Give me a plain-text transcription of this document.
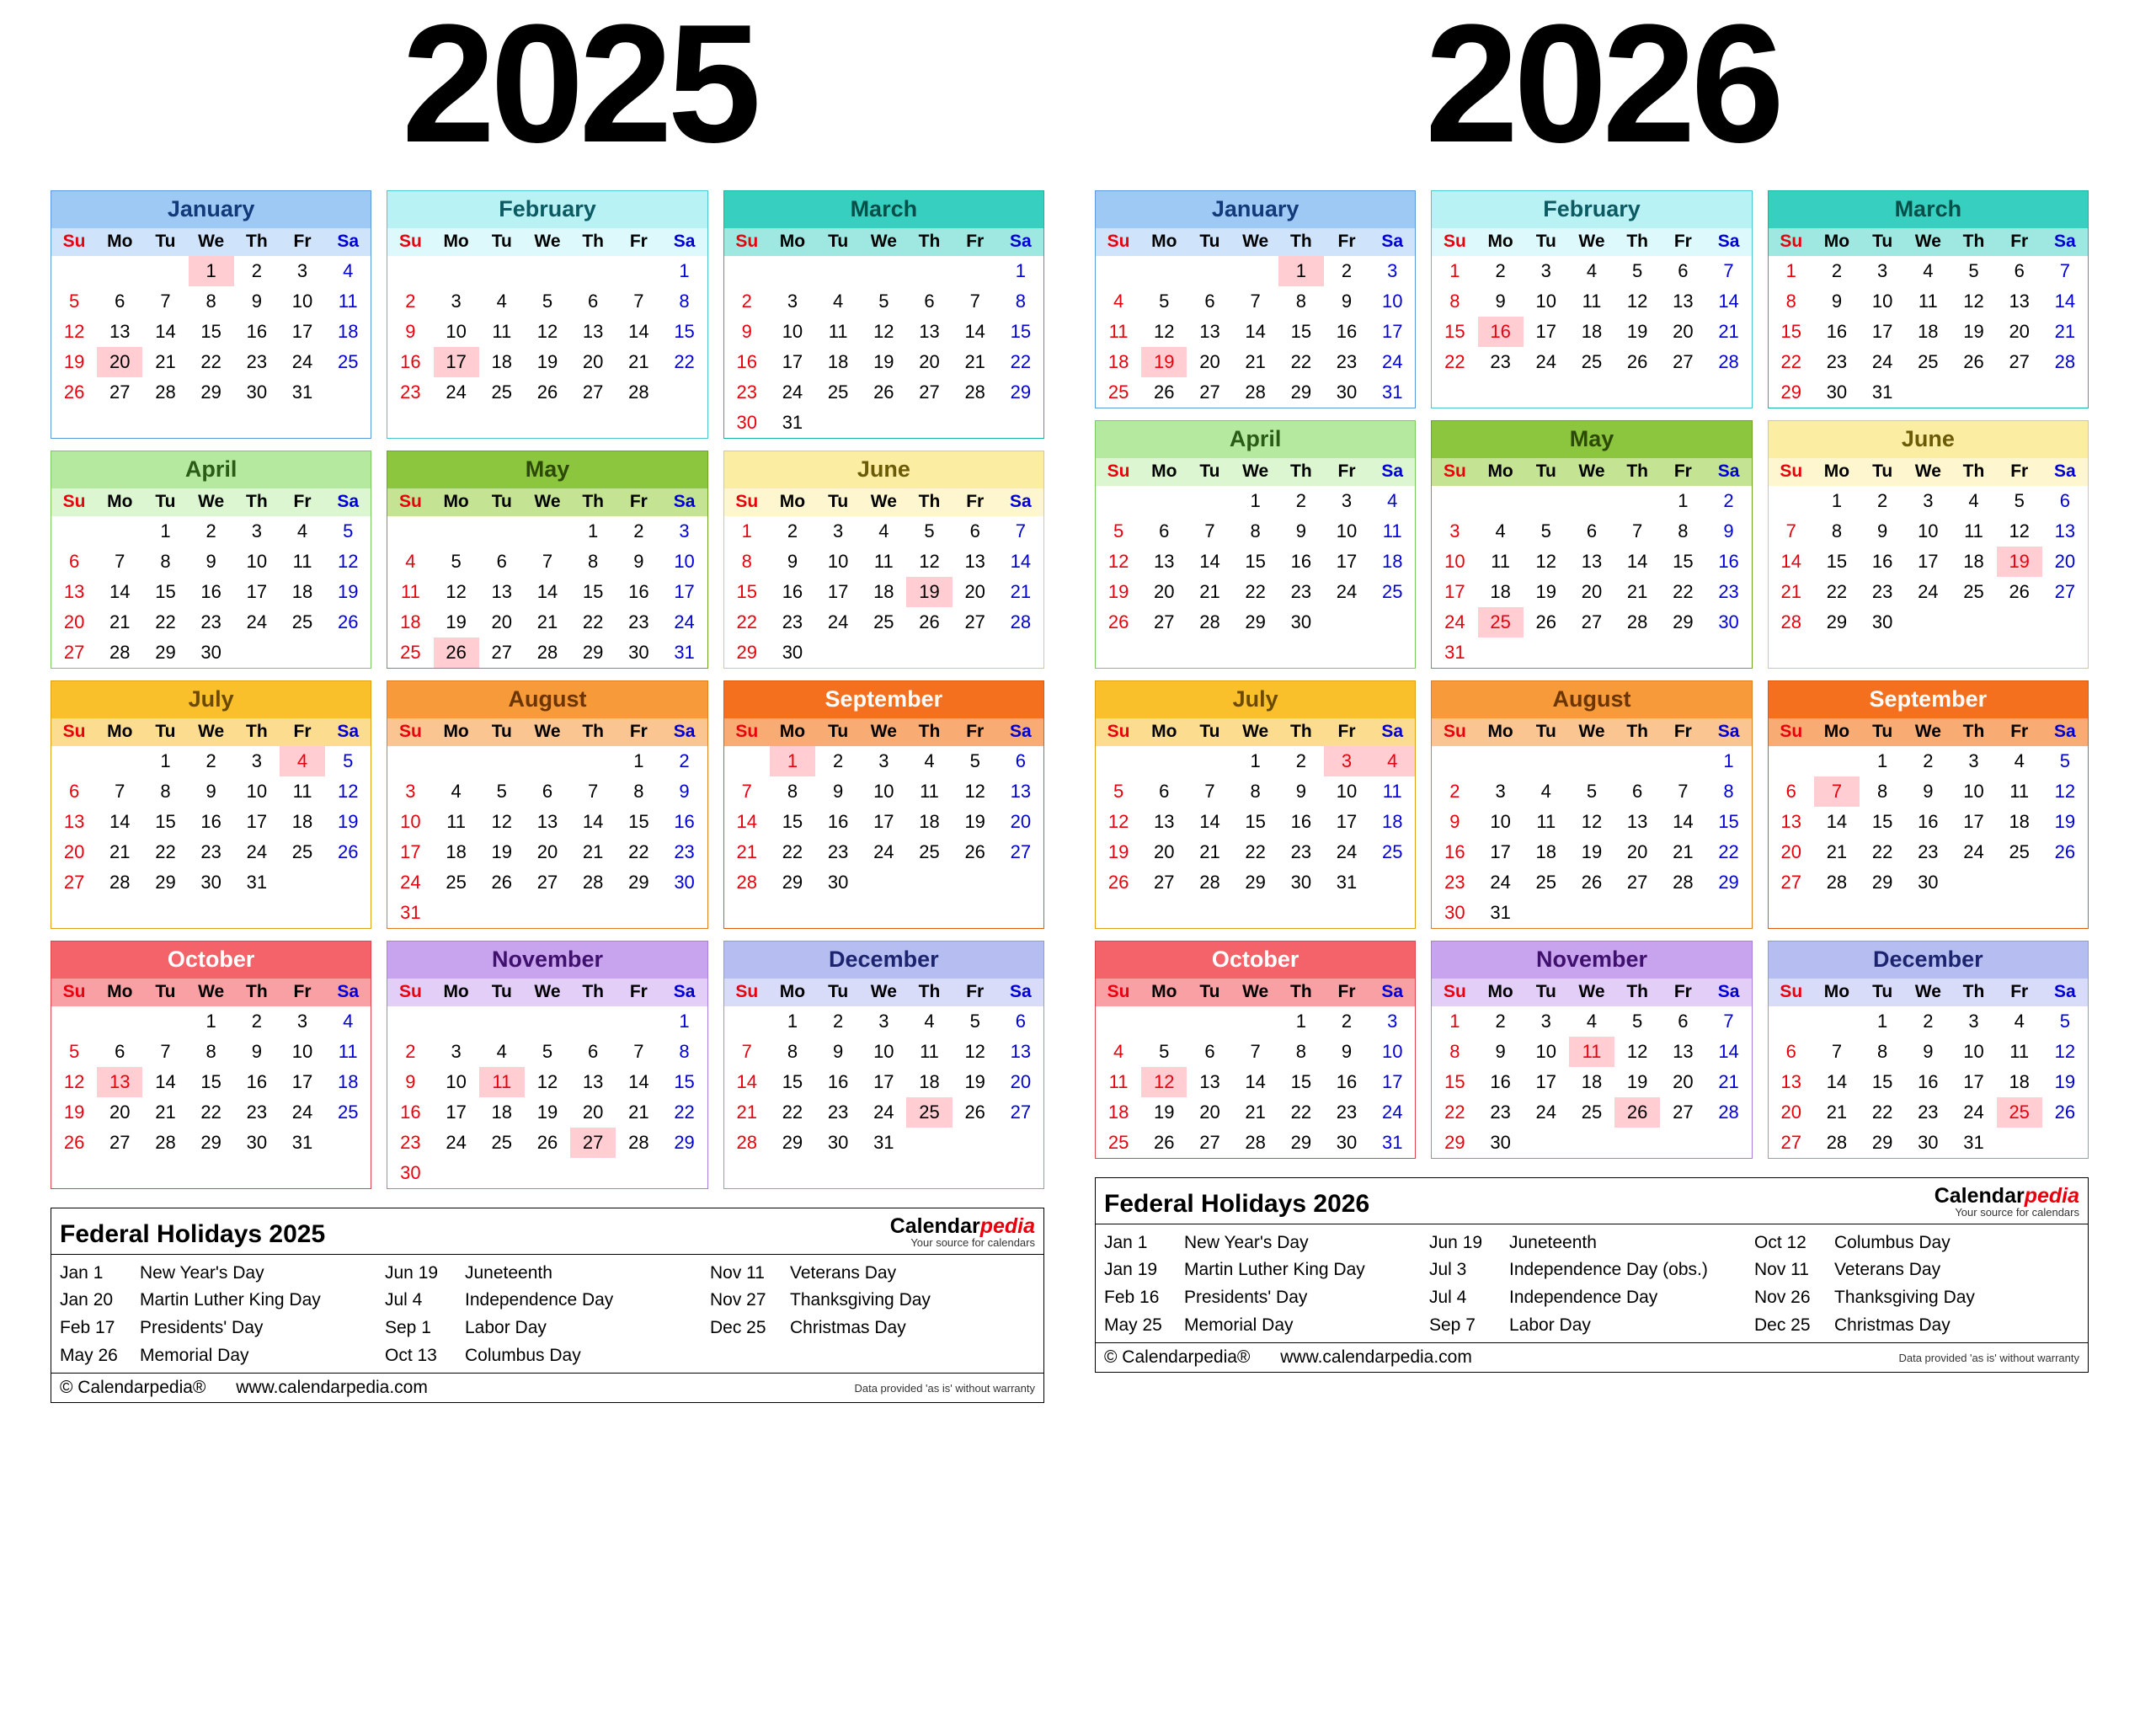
2025	2026
January
Su	Mo	Tu	We	Th	Fr	Sa
			1	2	3	4
5	6	7	8	9	10	11
12	13	14	15	16	17	18
19	20	21	22	23	24	25
26	27	28	29	30	31	
February
Su	Mo	Tu	We	Th	Fr	Sa
						1
2	3	4	5	6	7	8
9	10	11	12	13	14	15
16	17	18	19	20	21	22
23	24	25	26	27	28	
March
Su	Mo	Tu	We	Th	Fr	Sa
						1
2	3	4	5	6	7	8
9	10	11	12	13	14	15
16	17	18	19	20	21	22
23	24	25	26	27	28	29
30	31					
April
Su	Mo	Tu	We	Th	Fr	Sa
		1	2	3	4	5
6	7	8	9	10	11	12
13	14	15	16	17	18	19
20	21	22	23	24	25	26
27	28	29	30			
May
Su	Mo	Tu	We	Th	Fr	Sa
				1	2	3
4	5	6	7	8	9	10
11	12	13	14	15	16	17
18	19	20	21	22	23	24
25	26	27	28	29	30	31
June
Su	Mo	Tu	We	Th	Fr	Sa
1	2	3	4	5	6	7
8	9	10	11	12	13	14
15	16	17	18	19	20	21
22	23	24	25	26	27	28
29	30					
July
Su	Mo	Tu	We	Th	Fr	Sa
		1	2	3	4	5
6	7	8	9	10	11	12
13	14	15	16	17	18	19
20	21	22	23	24	25	26
27	28	29	30	31		
August
Su	Mo	Tu	We	Th	Fr	Sa
					1	2
3	4	5	6	7	8	9
10	11	12	13	14	15	16
17	18	19	20	21	22	23
24	25	26	27	28	29	30
31						
September
Su	Mo	Tu	We	Th	Fr	Sa
	1	2	3	4	5	6
7	8	9	10	11	12	13
14	15	16	17	18	19	20
21	22	23	24	25	26	27
28	29	30				
October
Su	Mo	Tu	We	Th	Fr	Sa
			1	2	3	4
5	6	7	8	9	10	11
12	13	14	15	16	17	18
19	20	21	22	23	24	25
26	27	28	29	30	31	
November
Su	Mo	Tu	We	Th	Fr	Sa
						1
2	3	4	5	6	7	8
9	10	11	12	13	14	15
16	17	18	19	20	21	22
23	24	25	26	27	28	29
30						
December
Su	Mo	Tu	We	Th	Fr	Sa
	1	2	3	4	5	6
7	8	9	10	11	12	13
14	15	16	17	18	19	20
21	22	23	24	25	26	27
28	29	30	31			
Federal Holidays 2025	Calendarpedia
Your source for calendars
Jan 1	New Year's Day
Jan 20	Martin Luther King Day
Feb 17	Presidents' Day
May 26	Memorial Day
Jun 19	Juneteenth
Jul 4	Independence Day
Sep 1	Labor Day
Oct 13	Columbus Day
Nov 11	Veterans Day
Nov 27	Thanksgiving Day
Dec 25	Christmas Day
© Calendarpedia® www.calendarpedia.com	Data provided 'as is' without warranty
January
Su	Mo	Tu	We	Th	Fr	Sa
				1	2	3
4	5	6	7	8	9	10
11	12	13	14	15	16	17
18	19	20	21	22	23	24
25	26	27	28	29	30	31
February
Su	Mo	Tu	We	Th	Fr	Sa
1	2	3	4	5	6	7
8	9	10	11	12	13	14
15	16	17	18	19	20	21
22	23	24	25	26	27	28

March
Su	Mo	Tu	We	Th	Fr	Sa
1	2	3	4	5	6	7
8	9	10	11	12	13	14
15	16	17	18	19	20	21
22	23	24	25	26	27	28
29	30	31				
April
Su	Mo	Tu	We	Th	Fr	Sa
			1	2	3	4
5	6	7	8	9	10	11
12	13	14	15	16	17	18
19	20	21	22	23	24	25
26	27	28	29	30		
May
Su	Mo	Tu	We	Th	Fr	Sa
					1	2
3	4	5	6	7	8	9
10	11	12	13	14	15	16
17	18	19	20	21	22	23
24	25	26	27	28	29	30
31						
June
Su	Mo	Tu	We	Th	Fr	Sa
	1	2	3	4	5	6
7	8	9	10	11	12	13
14	15	16	17	18	19	20
21	22	23	24	25	26	27
28	29	30				
July
Su	Mo	Tu	We	Th	Fr	Sa
			1	2	3	4
5	6	7	8	9	10	11
12	13	14	15	16	17	18
19	20	21	22	23	24	25
26	27	28	29	30	31	
August
Su	Mo	Tu	We	Th	Fr	Sa
						1
2	3	4	5	6	7	8
9	10	11	12	13	14	15
16	17	18	19	20	21	22
23	24	25	26	27	28	29
30	31					
September
Su	Mo	Tu	We	Th	Fr	Sa
		1	2	3	4	5
6	7	8	9	10	11	12
13	14	15	16	17	18	19
20	21	22	23	24	25	26
27	28	29	30			
October
Su	Mo	Tu	We	Th	Fr	Sa
				1	2	3
4	5	6	7	8	9	10
11	12	13	14	15	16	17
18	19	20	21	22	23	24
25	26	27	28	29	30	31
November
Su	Mo	Tu	We	Th	Fr	Sa
1	2	3	4	5	6	7
8	9	10	11	12	13	14
15	16	17	18	19	20	21
22	23	24	25	26	27	28
29	30					
December
Su	Mo	Tu	We	Th	Fr	Sa
		1	2	3	4	5
6	7	8	9	10	11	12
13	14	15	16	17	18	19
20	21	22	23	24	25	26
27	28	29	30	31		
Federal Holidays 2026	Calendarpedia
Your source for calendars
Jan 1	New Year's Day
Jan 19	Martin Luther King Day
Feb 16	Presidents' Day
May 25	Memorial Day
Jun 19	Juneteenth
Jul 3	Independence Day (obs.)
Jul 4	Independence Day
Sep 7	Labor Day
Oct 12	Columbus Day
Nov 11	Veterans Day
Nov 26	Thanksgiving Day
Dec 25	Christmas Day
© Calendarpedia® www.calendarpedia.com	Data provided 'as is' without warranty
